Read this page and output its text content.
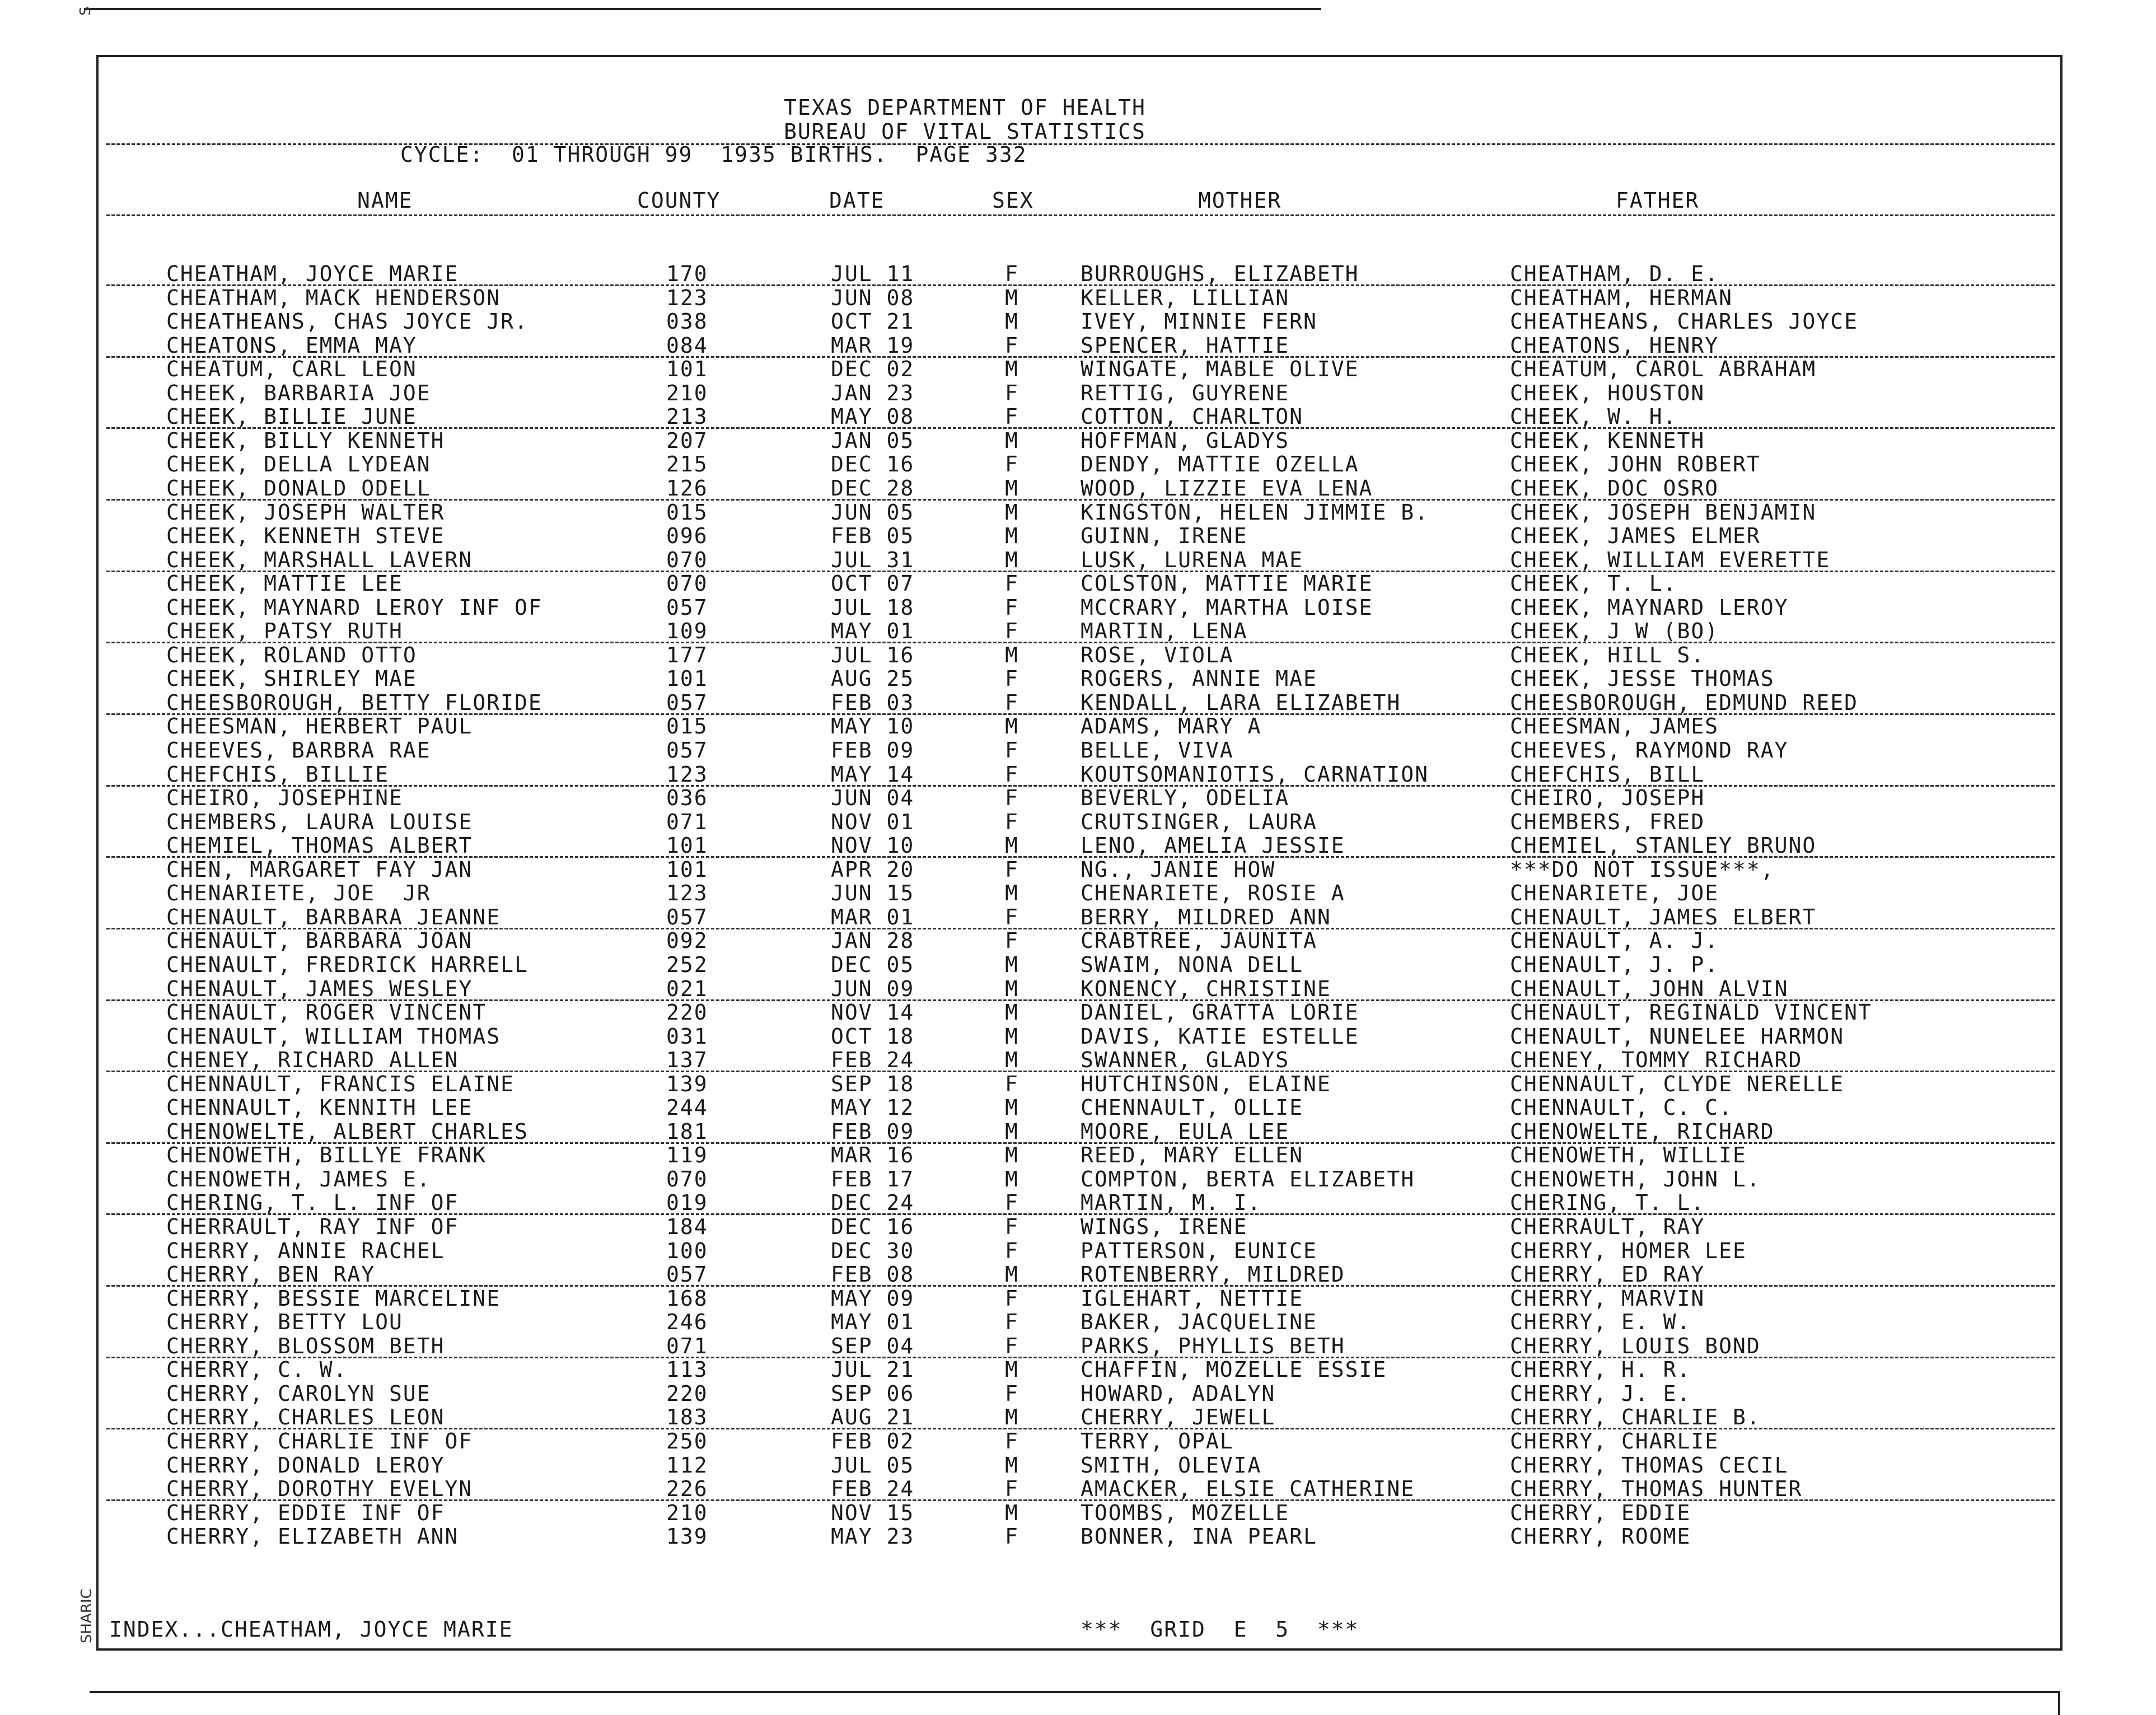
S
TEXAS DEPARTMENT OF HEALTH
BUREAU OF VITAL STATISTICS
CYCLE:  01 THROUGH 99  1935 BIRTHS.  PAGE 332
NAME	COUNTY	DATE	SEX	MOTHER	FATHER
CHEATHAM, JOYCE MARIE	170	JUL 11	F	BURROUGHS, ELIZABETH	CHEATHAM, D. E.
CHEATHAM, MACK HENDERSON	123	JUN 08	M	KELLER, LILLIAN	CHEATHAM, HERMAN
CHEATHEANS, CHAS JOYCE JR.	038	OCT 21	M	IVEY, MINNIE FERN	CHEATHEANS, CHARLES JOYCE
CHEATONS, EMMA MAY	084	MAR 19	F	SPENCER, HATTIE	CHEATONS, HENRY
CHEATUM, CARL LEON	101	DEC 02	M	WINGATE, MABLE OLIVE	CHEATUM, CAROL ABRAHAM
CHEEK, BARBARIA JOE	210	JAN 23	F	RETTIG, GUYRENE	CHEEK, HOUSTON
CHEEK, BILLIE JUNE	213	MAY 08	F	COTTON, CHARLTON	CHEEK, W. H.
CHEEK, BILLY KENNETH	207	JAN 05	M	HOFFMAN, GLADYS	CHEEK, KENNETH
CHEEK, DELLA LYDEAN	215	DEC 16	F	DENDY, MATTIE OZELLA	CHEEK, JOHN ROBERT
CHEEK, DONALD ODELL	126	DEC 28	M	WOOD, LIZZIE EVA LENA	CHEEK, DOC OSRO
CHEEK, JOSEPH WALTER	015	JUN 05	M	KINGSTON, HELEN JIMMIE B.	CHEEK, JOSEPH BENJAMIN
CHEEK, KENNETH STEVE	096	FEB 05	M	GUINN, IRENE	CHEEK, JAMES ELMER
CHEEK, MARSHALL LAVERN	070	JUL 31	M	LUSK, LURENA MAE	CHEEK, WILLIAM EVERETTE
CHEEK, MATTIE LEE	070	OCT 07	F	COLSTON, MATTIE MARIE	CHEEK, T. L.
CHEEK, MAYNARD LEROY INF OF	057	JUL 18	F	MCCRARY, MARTHA LOISE	CHEEK, MAYNARD LEROY
CHEEK, PATSY RUTH	109	MAY 01	F	MARTIN, LENA	CHEEK, J W (BO)
CHEEK, ROLAND OTTO	177	JUL 16	M	ROSE, VIOLA	CHEEK, HILL S.
CHEEK, SHIRLEY MAE	101	AUG 25	F	ROGERS, ANNIE MAE	CHEEK, JESSE THOMAS
CHEESBOROUGH, BETTY FLORIDE	057	FEB 03	F	KENDALL, LARA ELIZABETH	CHEESBOROUGH, EDMUND REED
CHEESMAN, HERBERT PAUL	015	MAY 10	M	ADAMS, MARY A	CHEESMAN, JAMES
CHEEVES, BARBRA RAE	057	FEB 09	F	BELLE, VIVA	CHEEVES, RAYMOND RAY
CHEFCHIS, BILLIE	123	MAY 14	F	KOUTSOMANIOTIS, CARNATION	CHEFCHIS, BILL
CHEIRO, JOSEPHINE	036	JUN 04	F	BEVERLY, ODELIA	CHEIRO, JOSEPH
CHEMBERS, LAURA LOUISE	071	NOV 01	F	CRUTSINGER, LAURA	CHEMBERS, FRED
CHEMIEL, THOMAS ALBERT	101	NOV 10	M	LENO, AMELIA JESSIE	CHEMIEL, STANLEY BRUNO
CHEN, MARGARET FAY JAN	101	APR 20	F	NG., JANIE HOW	***DO NOT ISSUE***,
CHENARIETE, JOE  JR	123	JUN 15	M	CHENARIETE, ROSIE A	CHENARIETE, JOE
CHENAULT, BARBARA JEANNE	057	MAR 01	F	BERRY, MILDRED ANN	CHENAULT, JAMES ELBERT
CHENAULT, BARBARA JOAN	092	JAN 28	F	CRABTREE, JAUNITA	CHENAULT, A. J.
CHENAULT, FREDRICK HARRELL	252	DEC 05	M	SWAIM, NONA DELL	CHENAULT, J. P.
CHENAULT, JAMES WESLEY	021	JUN 09	M	KONENCY, CHRISTINE	CHENAULT, JOHN ALVIN
CHENAULT, ROGER VINCENT	220	NOV 14	M	DANIEL, GRATTA LORIE	CHENAULT, REGINALD VINCENT
CHENAULT, WILLIAM THOMAS	031	OCT 18	M	DAVIS, KATIE ESTELLE	CHENAULT, NUNELEE HARMON
CHENEY, RICHARD ALLEN	137	FEB 24	M	SWANNER, GLADYS	CHENEY, TOMMY RICHARD
CHENNAULT, FRANCIS ELAINE	139	SEP 18	F	HUTCHINSON, ELAINE	CHENNAULT, CLYDE NERELLE
CHENNAULT, KENNITH LEE	244	MAY 12	M	CHENNAULT, OLLIE	CHENNAULT, C. C.
CHENOWELTE, ALBERT CHARLES	181	FEB 09	M	MOORE, EULA LEE	CHENOWELTE, RICHARD
CHENOWETH, BILLYE FRANK	119	MAR 16	M	REED, MARY ELLEN	CHENOWETH, WILLIE
CHENOWETH, JAMES E.	070	FEB 17	M	COMPTON, BERTA ELIZABETH	CHENOWETH, JOHN L.
CHERING, T. L. INF OF	019	DEC 24	F	MARTIN, M. I.	CHERING, T. L.
CHERRAULT, RAY INF OF	184	DEC 16	F	WINGS, IRENE	CHERRAULT, RAY
CHERRY, ANNIE RACHEL	100	DEC 30	F	PATTERSON, EUNICE	CHERRY, HOMER LEE
CHERRY, BEN RAY	057	FEB 08	M	ROTENBERRY, MILDRED	CHERRY, ED RAY
CHERRY, BESSIE MARCELINE	168	MAY 09	F	IGLEHART, NETTIE	CHERRY, MARVIN
CHERRY, BETTY LOU	246	MAY 01	F	BAKER, JACQUELINE	CHERRY, E. W.
CHERRY, BLOSSOM BETH	071	SEP 04	F	PARKS, PHYLLIS BETH	CHERRY, LOUIS BOND
CHERRY, C. W.	113	JUL 21	M	CHAFFIN, MOZELLE ESSIE	CHERRY, H. R.
CHERRY, CAROLYN SUE	220	SEP 06	F	HOWARD, ADALYN	CHERRY, J. E.
CHERRY, CHARLES LEON	183	AUG 21	M	CHERRY, JEWELL	CHERRY, CHARLIE B.
CHERRY, CHARLIE INF OF	250	FEB 02	F	TERRY, OPAL	CHERRY, CHARLIE
CHERRY, DONALD LEROY	112	JUL 05	M	SMITH, OLEVIA	CHERRY, THOMAS CECIL
CHERRY, DOROTHY EVELYN	226	FEB 24	F	AMACKER, ELSIE CATHERINE	CHERRY, THOMAS HUNTER
CHERRY, EDDIE INF OF	210	NOV 15	M	TOOMBS, MOZELLE	CHERRY, EDDIE
CHERRY, ELIZABETH ANN	139	MAY 23	F	BONNER, INA PEARL	CHERRY, ROOME
INDEX...CHEATHAM, JOYCE MARIE	***  GRID  E  5  ***
SHARIC
